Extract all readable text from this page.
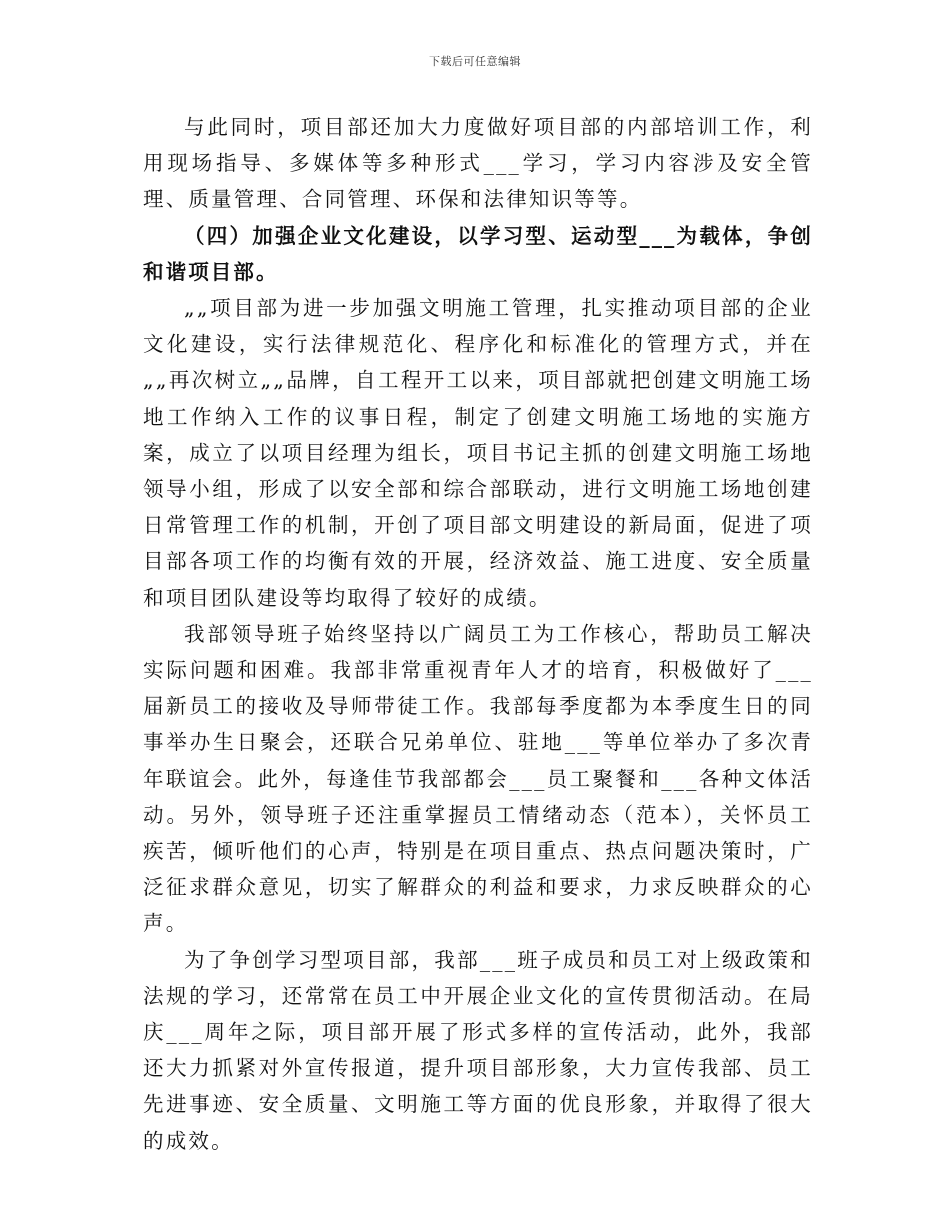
下载后可任意编辑

与此同时，项目部还加大力度做好项目部的内部培训工作，利用现场指导、多媒体等多种形式___学习，学习内容涉及安全管理、质量管理、合同管理、环保和法律知识等等。

（四）加强企业文化建设，以学习型、运动型___为载体，争创和谐项目部。

„„项目部为进一步加强文明施工管理，扎实推动项目部的企业文化建设，实行法律规范化、程序化和标准化的管理方式，并在„„再次树立„„品牌，自工程开工以来，项目部就把创建文明施工场地工作纳入工作的议事日程，制定了创建文明施工场地的实施方案，成立了以项目经理为组长，项目书记主抓的创建文明施工场地领导小组，形成了以安全部和综合部联动，进行文明施工场地创建日常管理工作的机制，开创了项目部文明建设的新局面，促进了项目部各项工作的均衡有效的开展，经济效益、施工进度、安全质量和项目团队建设等均取得了较好的成绩。

我部领导班子始终坚持以广阔员工为工作核心，帮助员工解决实际问题和困难。我部非常重视青年人才的培育，积极做好了___届新员工的接收及导师带徒工作。我部每季度都为本季度生日的同事举办生日聚会，还联合兄弟单位、驻地___等单位举办了多次青年联谊会。此外，每逢佳节我部都会___员工聚餐和___各种文体活动。另外，领导班子还注重掌握员工情绪动态（范本），关怀员工疾苦，倾听他们的心声，特别是在项目重点、热点问题决策时，广泛征求群众意见，切实了解群众的利益和要求，力求反映群众的心声。

为了争创学习型项目部，我部___班子成员和员工对上级政策和法规的学习，还常常在员工中开展企业文化的宣传贯彻活动。在局庆___周年之际，项目部开展了形式多样的宣传活动，此外，我部还大力抓紧对外宣传报道，提升项目部形象，大力宣传我部、员工先进事迹、安全质量、文明施工等方面的优良形象，并取得了很大的成效。
